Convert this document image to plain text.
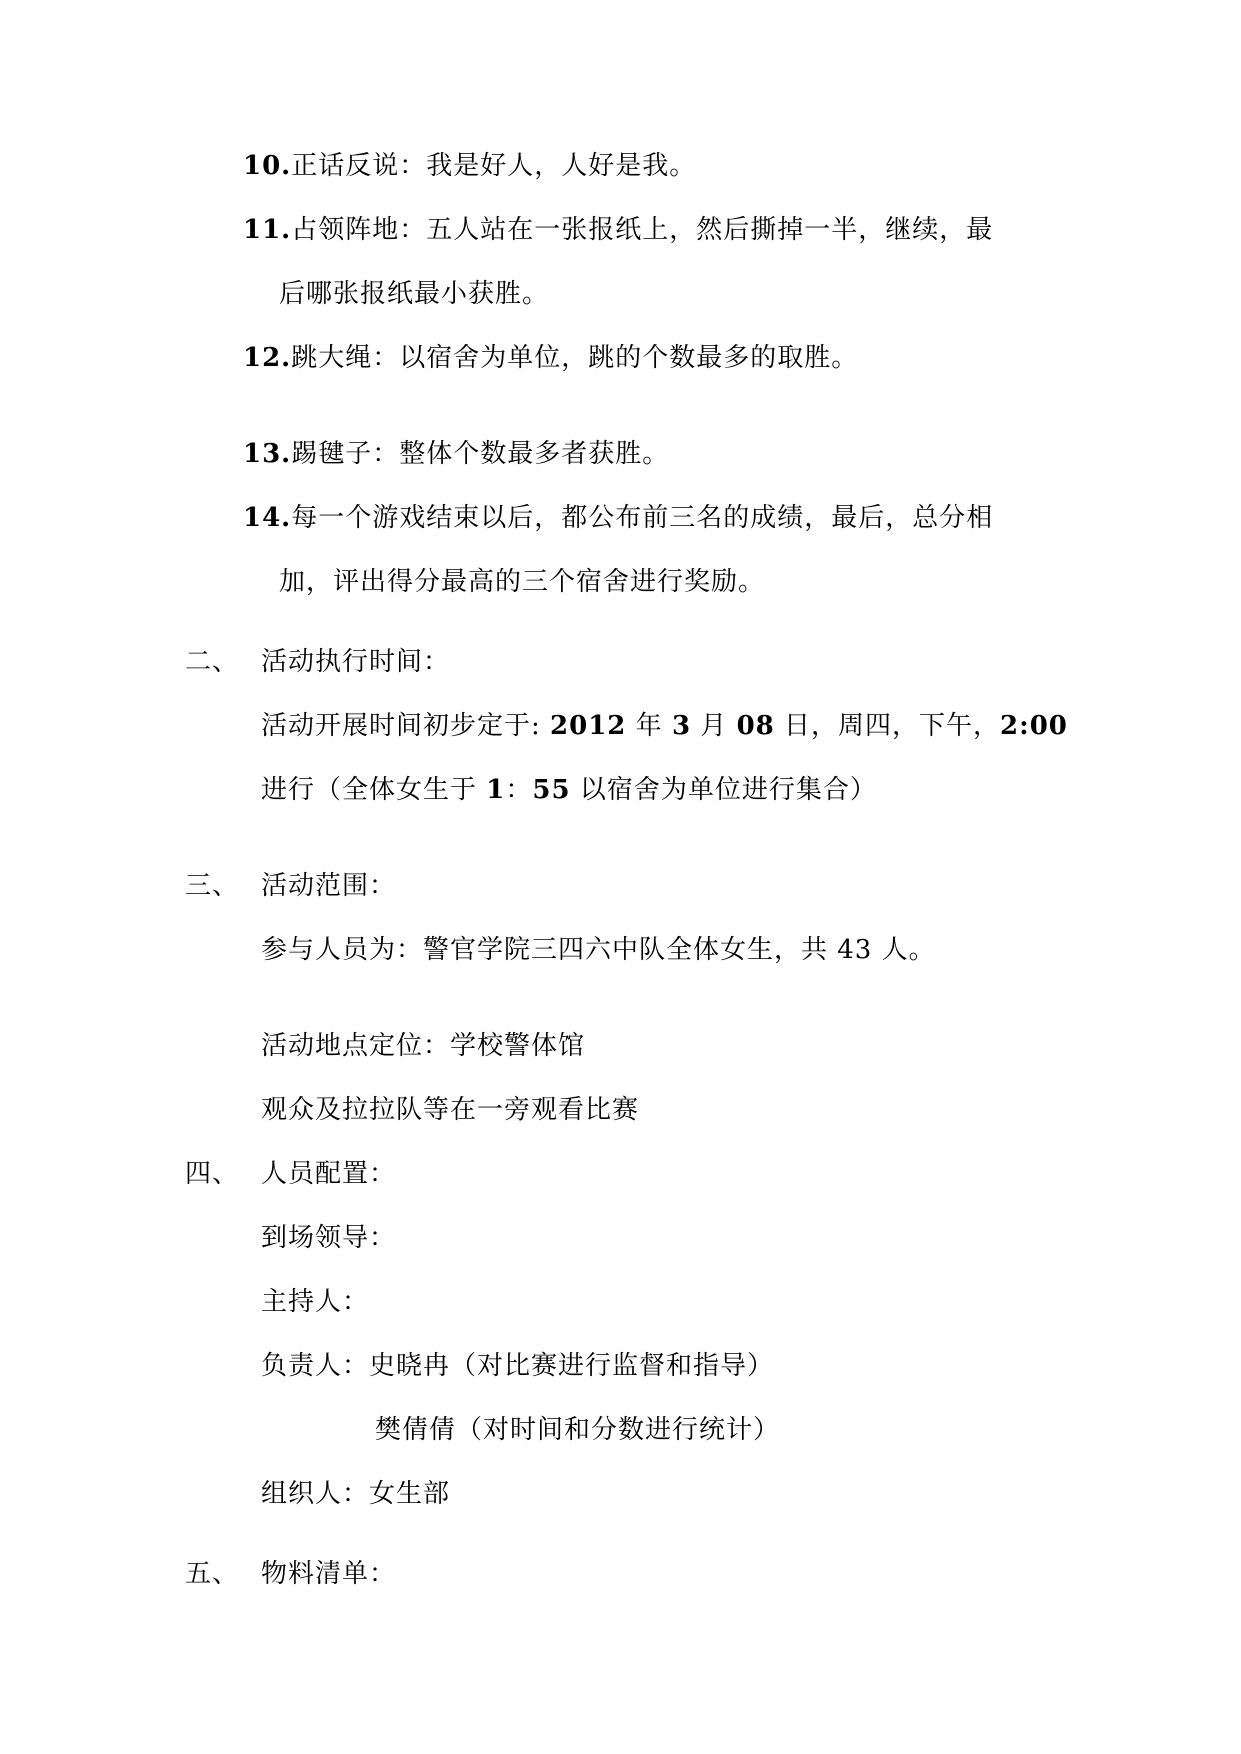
10.正话反说：我是好人，人好是我。
11.占领阵地：五人站在一张报纸上，然后撕掉一半，继续，最
后哪张报纸最小获胜。
12.跳大绳：以宿舍为单位，跳的个数最多的取胜。
13.踢毽子：整体个数最多者获胜。
14.每一个游戏结束以后，都公布前三名的成绩，最后，总分相
加，评出得分最高的三个宿舍进行奖励。
二、 活动执行时间：
活动开展时间初步定于: 2012 年 3 月 08 日，周四，下午，2:00
进行（全体女生于 1：55 以宿舍为单位进行集合）
三、 活动范围：
参与人员为：警官学院三四六中队全体女生，共 43 人。
活动地点定位：学校警体馆
观众及拉拉队等在一旁观看比赛
四、 人员配置：
到场领导：
主持人：
负责人：史晓冉（对比赛进行监督和指导）
樊倩倩（对时间和分数进行统计）
组织人：女生部
五、 物料清单：
